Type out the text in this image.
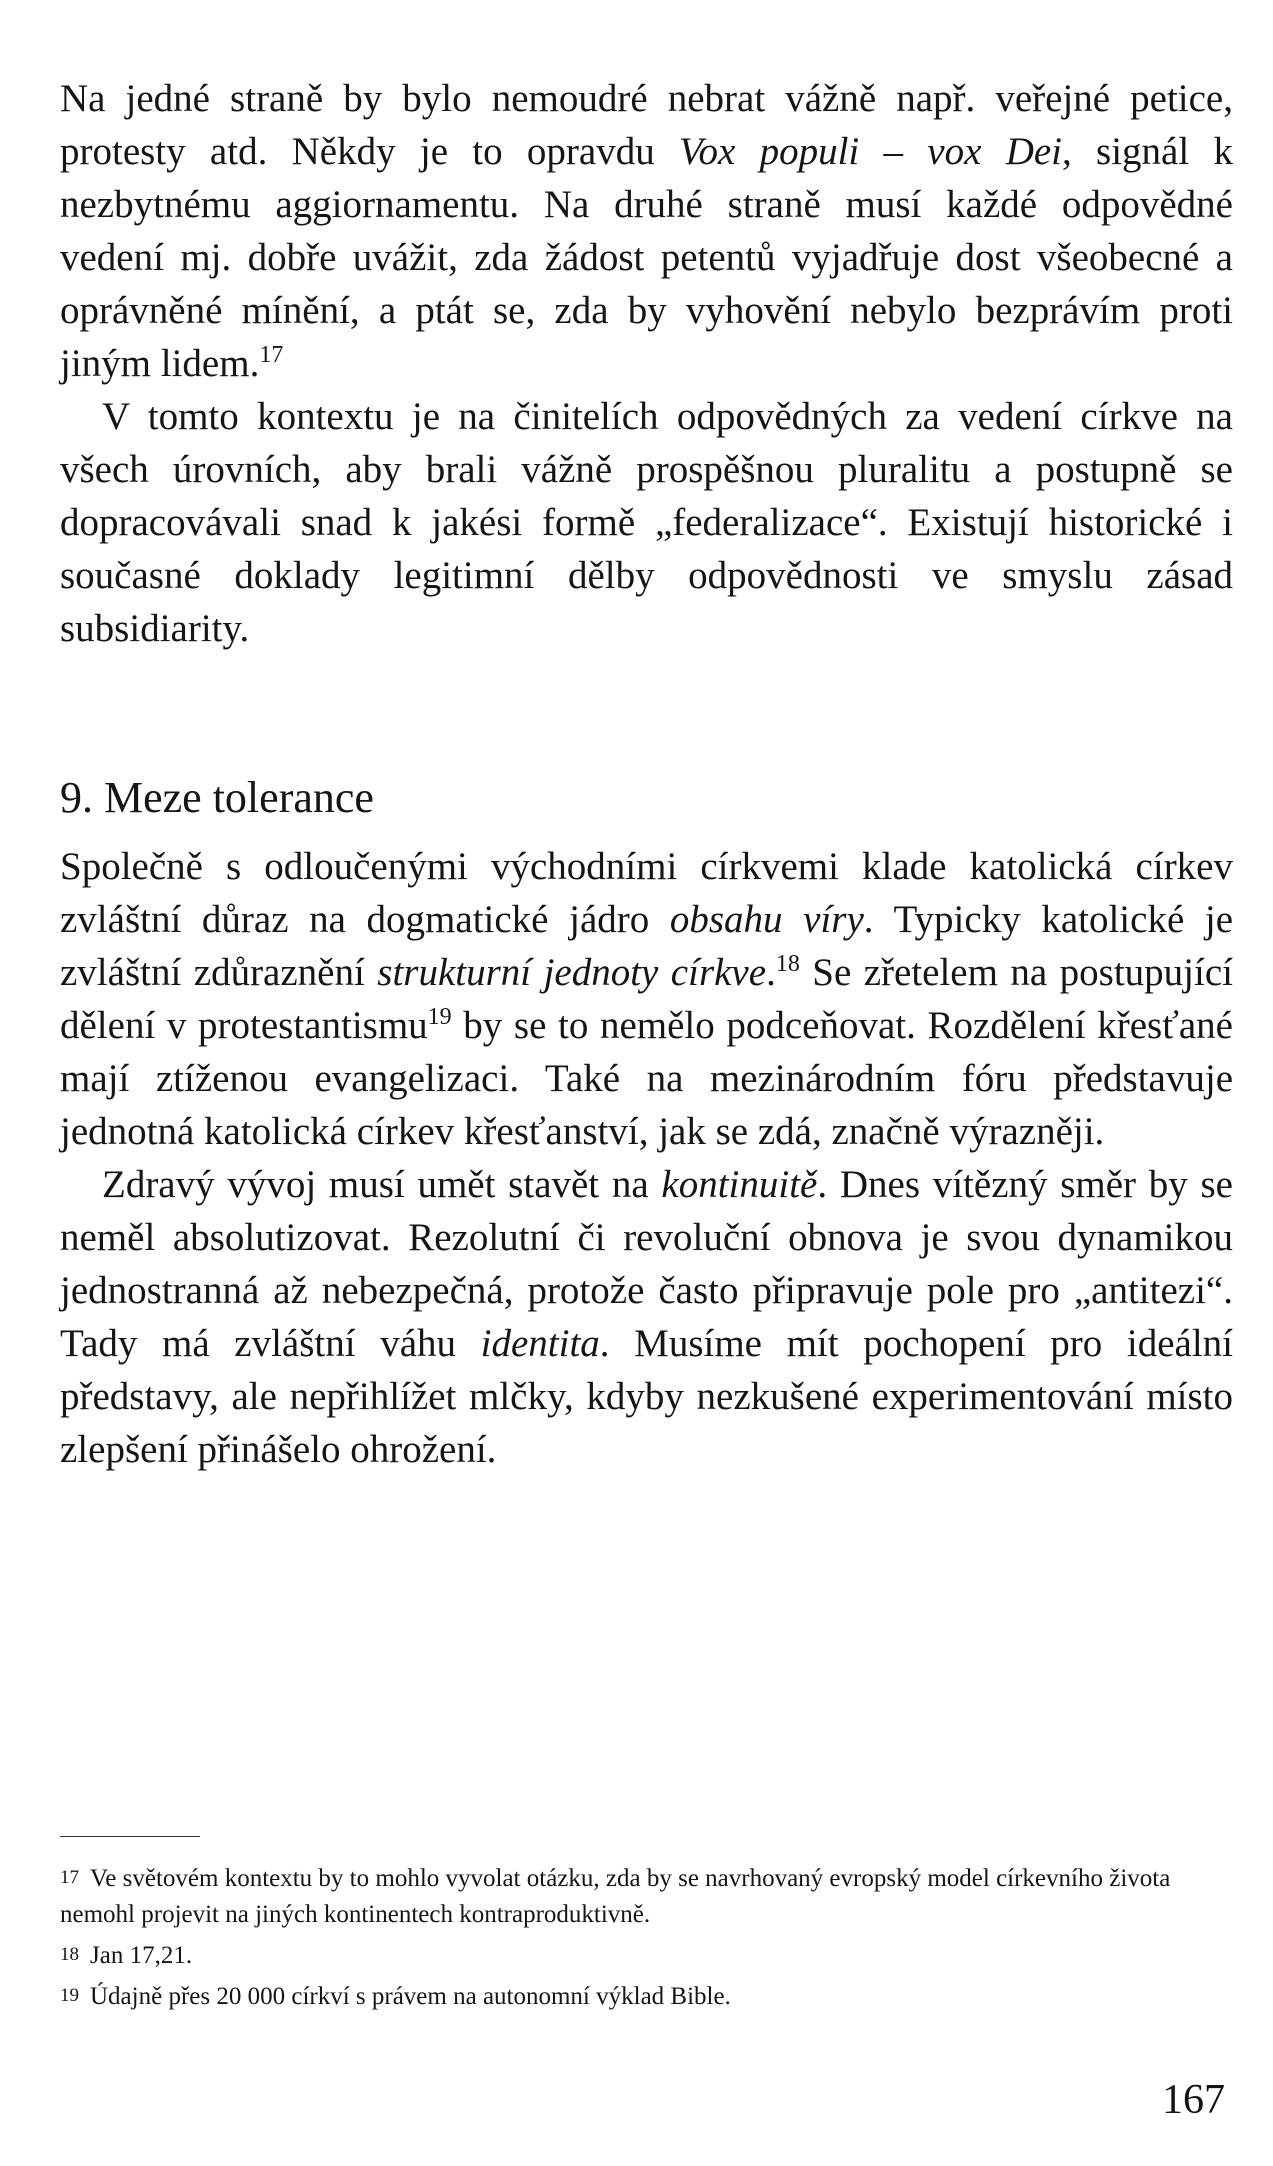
Na jedné straně by bylo nemoudré nebrat vážně např. veřejné petice, protesty atd. Někdy je to opravdu Vox populi – vox Dei, signál k nezbytnému aggiornamentu. Na druhé straně musí každé odpovědné vedení mj. dobře uvážit, zda žádost petentů vyjadřuje dost všeobecné a oprávněné mínění, a ptát se, zda by vyhovění nebylo bezprávím proti jiným lidem.$^{17}$

V tomto kontextu je na činitelích odpovědných za vedení církve na všech úrovních, aby brali vážně prospěšnou pluralitu a postupně se dopracovávali snad k jakési formě „federalizace“. Existují historické i současné doklady legitimní dělby odpovědnosti ve smyslu zásad subsidiarity.

9. Meze tolerance

Společně s odloučenými východními církvemi klade katolická církev zvláštní důraz na dogmatické jádro obsahu víry. Typicky katolické je zvláštní zdůraznění strukturní jednoty církve.$^{18}$ Se zřetelem na postupující dělení v protestantismu$^{19}$ by se to nemělo podceňovat. Rozdělení křesťané mají ztíženou evangelizaci. Také na mezinárodním fóru představuje jednotná katolická církev křesťanství, jak se zdá, značně výrazněji.

Zdravý vývoj musí umět stavět na kontinuitě. Dnes vítězný směr by se neměl absolutizovat. Rezolutní či revoluční obnova je svou dynamikou jednostranná až nebezpečná, protože často připravuje pole pro „antitezi“. Tady má zvláštní váhu identita. Musíme mít pochopení pro ideální představy, ale nepřihlížet mlčky, kdyby nezkušené experimentování místo zlepšení přinášelo ohrožení.

17 Ve světovém kontextu by to mohlo vyvolat otázku, zda by se navrhovaný evropský model církevního života nemohl projevit na jiných kontinentech kontraproduktivně.

18 Jan 17,21.

19 Údajně přes 20 000 církví s právem na autonomní výklad Bible.

167
